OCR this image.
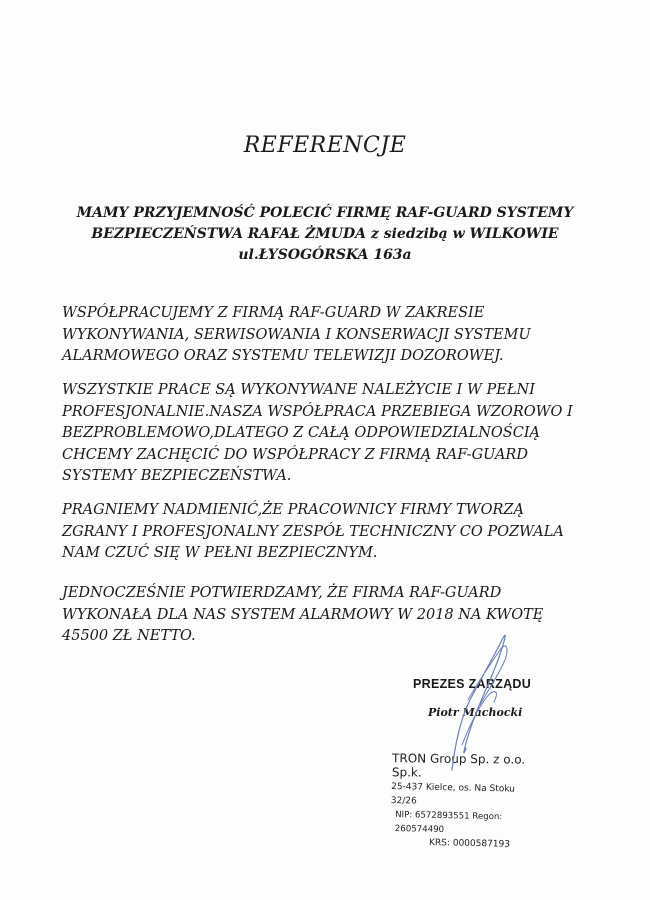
REFERENCJE
MAMY PRZYJEMNOŚĆ POLECIĆ FIRMĘ RAF-GUARD SYSTEMY
BEZPIECZEŃSTWA RAFAŁ ŻMUDA z siedzibą w WILKOWIE
ul.ŁYSOGÓRSKA 163a
WSPÓŁPRACUJEMY Z FIRMĄ RAF-GUARD W ZAKRESIE
WYKONYWANIA, SERWISOWANIA I KONSERWACJI SYSTEMU
ALARMOWEGO ORAZ SYSTEMU TELEWIZJI DOZOROWEJ.
WSZYSTKIE PRACE SĄ WYKONYWANE NALEŻYCIE I W PEŁNI
PROFESJONALNIE.NASZA WSPÓŁPRACA PRZEBIEGA WZOROWO I
BEZPROBLEMOWO,DLATEGO Z CAŁĄ ODPOWIEDZIALNOŚCIĄ
CHCEMY ZACHĘCIĆ DO WSPÓŁPRACY Z FIRMĄ RAF-GUARD
SYSTEMY BEZPIECZEŃSTWA.
PRAGNIEMY NADMIENIĆ,ŻE PRACOWNICY FIRMY TWORZĄ
ZGRANY I PROFESJONALNY ZESPÓŁ TECHNICZNY CO POZWALA
NAM CZUĆ SIĘ W PEŁNI BEZPIECZNYM.
JEDNOCZEŚNIE POTWIERDZAMY, ŻE FIRMA RAF-GUARD
WYKONAŁA DLA NAS SYSTEM ALARMOWY W 2018 NA KWOTĘ
45500 ZŁ NETTO.
PREZES ZARZĄDU
Piotr Machocki
TRON Group Sp. z o.o. Sp.k.
25-437 Kielce, os. Na Stoku 32/26
NIP: 6572893551 Regon: 260574490
KRS: 0000587193
